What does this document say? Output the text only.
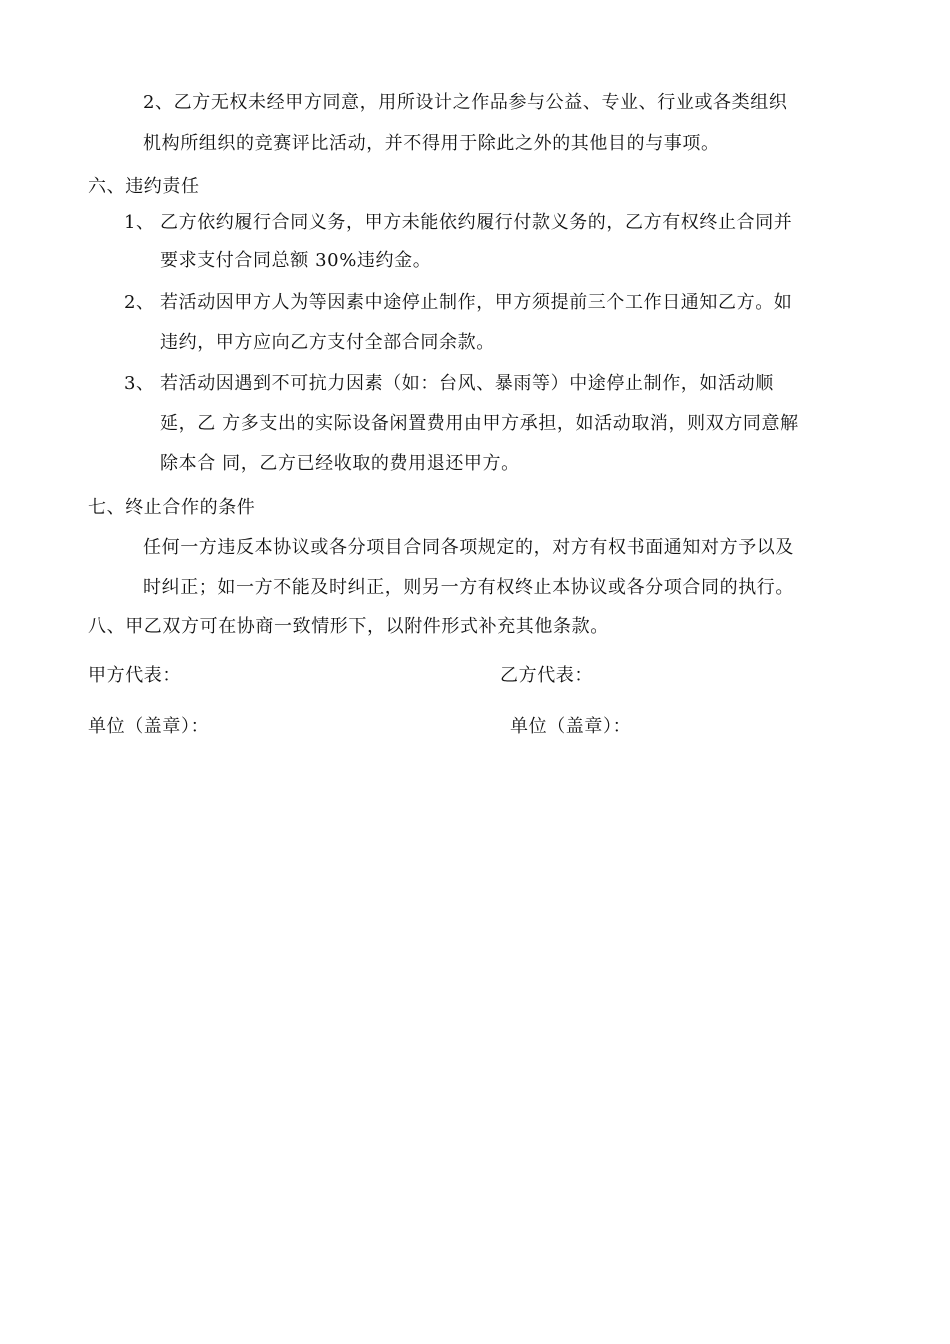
2、乙方无权未经甲方同意，用所设计之作品参与公益、专业、行业或各类组织
机构所组织的竞赛评比活动，并不得用于除此之外的其他目的与事项。
六、违约责任
1、 乙方依约履行合同义务，甲方未能依约履行付款义务的，乙方有权终止合同并
要求支付合同总额 30%违约金。
2、 若活动因甲方人为等因素中途停止制作，甲方须提前三个工作日通知乙方。如
违约，甲方应向乙方支付全部合同余款。
3、 若活动因遇到不可抗力因素（如：台风、暴雨等）中途停止制作，如活动顺
延，乙 方多支出的实际设备闲置费用由甲方承担，如活动取消，则双方同意解
除本合 同，乙方已经收取的费用退还甲方。
七、终止合作的条件
任何一方违反本协议或各分项目合同各项规定的，对方有权书面通知对方予以及
时纠正；如一方不能及时纠正，则另一方有权终止本协议或各分项合同的执行。
八、甲乙双方可在协商一致情形下，以附件形式补充其他条款。
甲方代表：	乙方代表：
单位（盖章）：	单位（盖章）：
